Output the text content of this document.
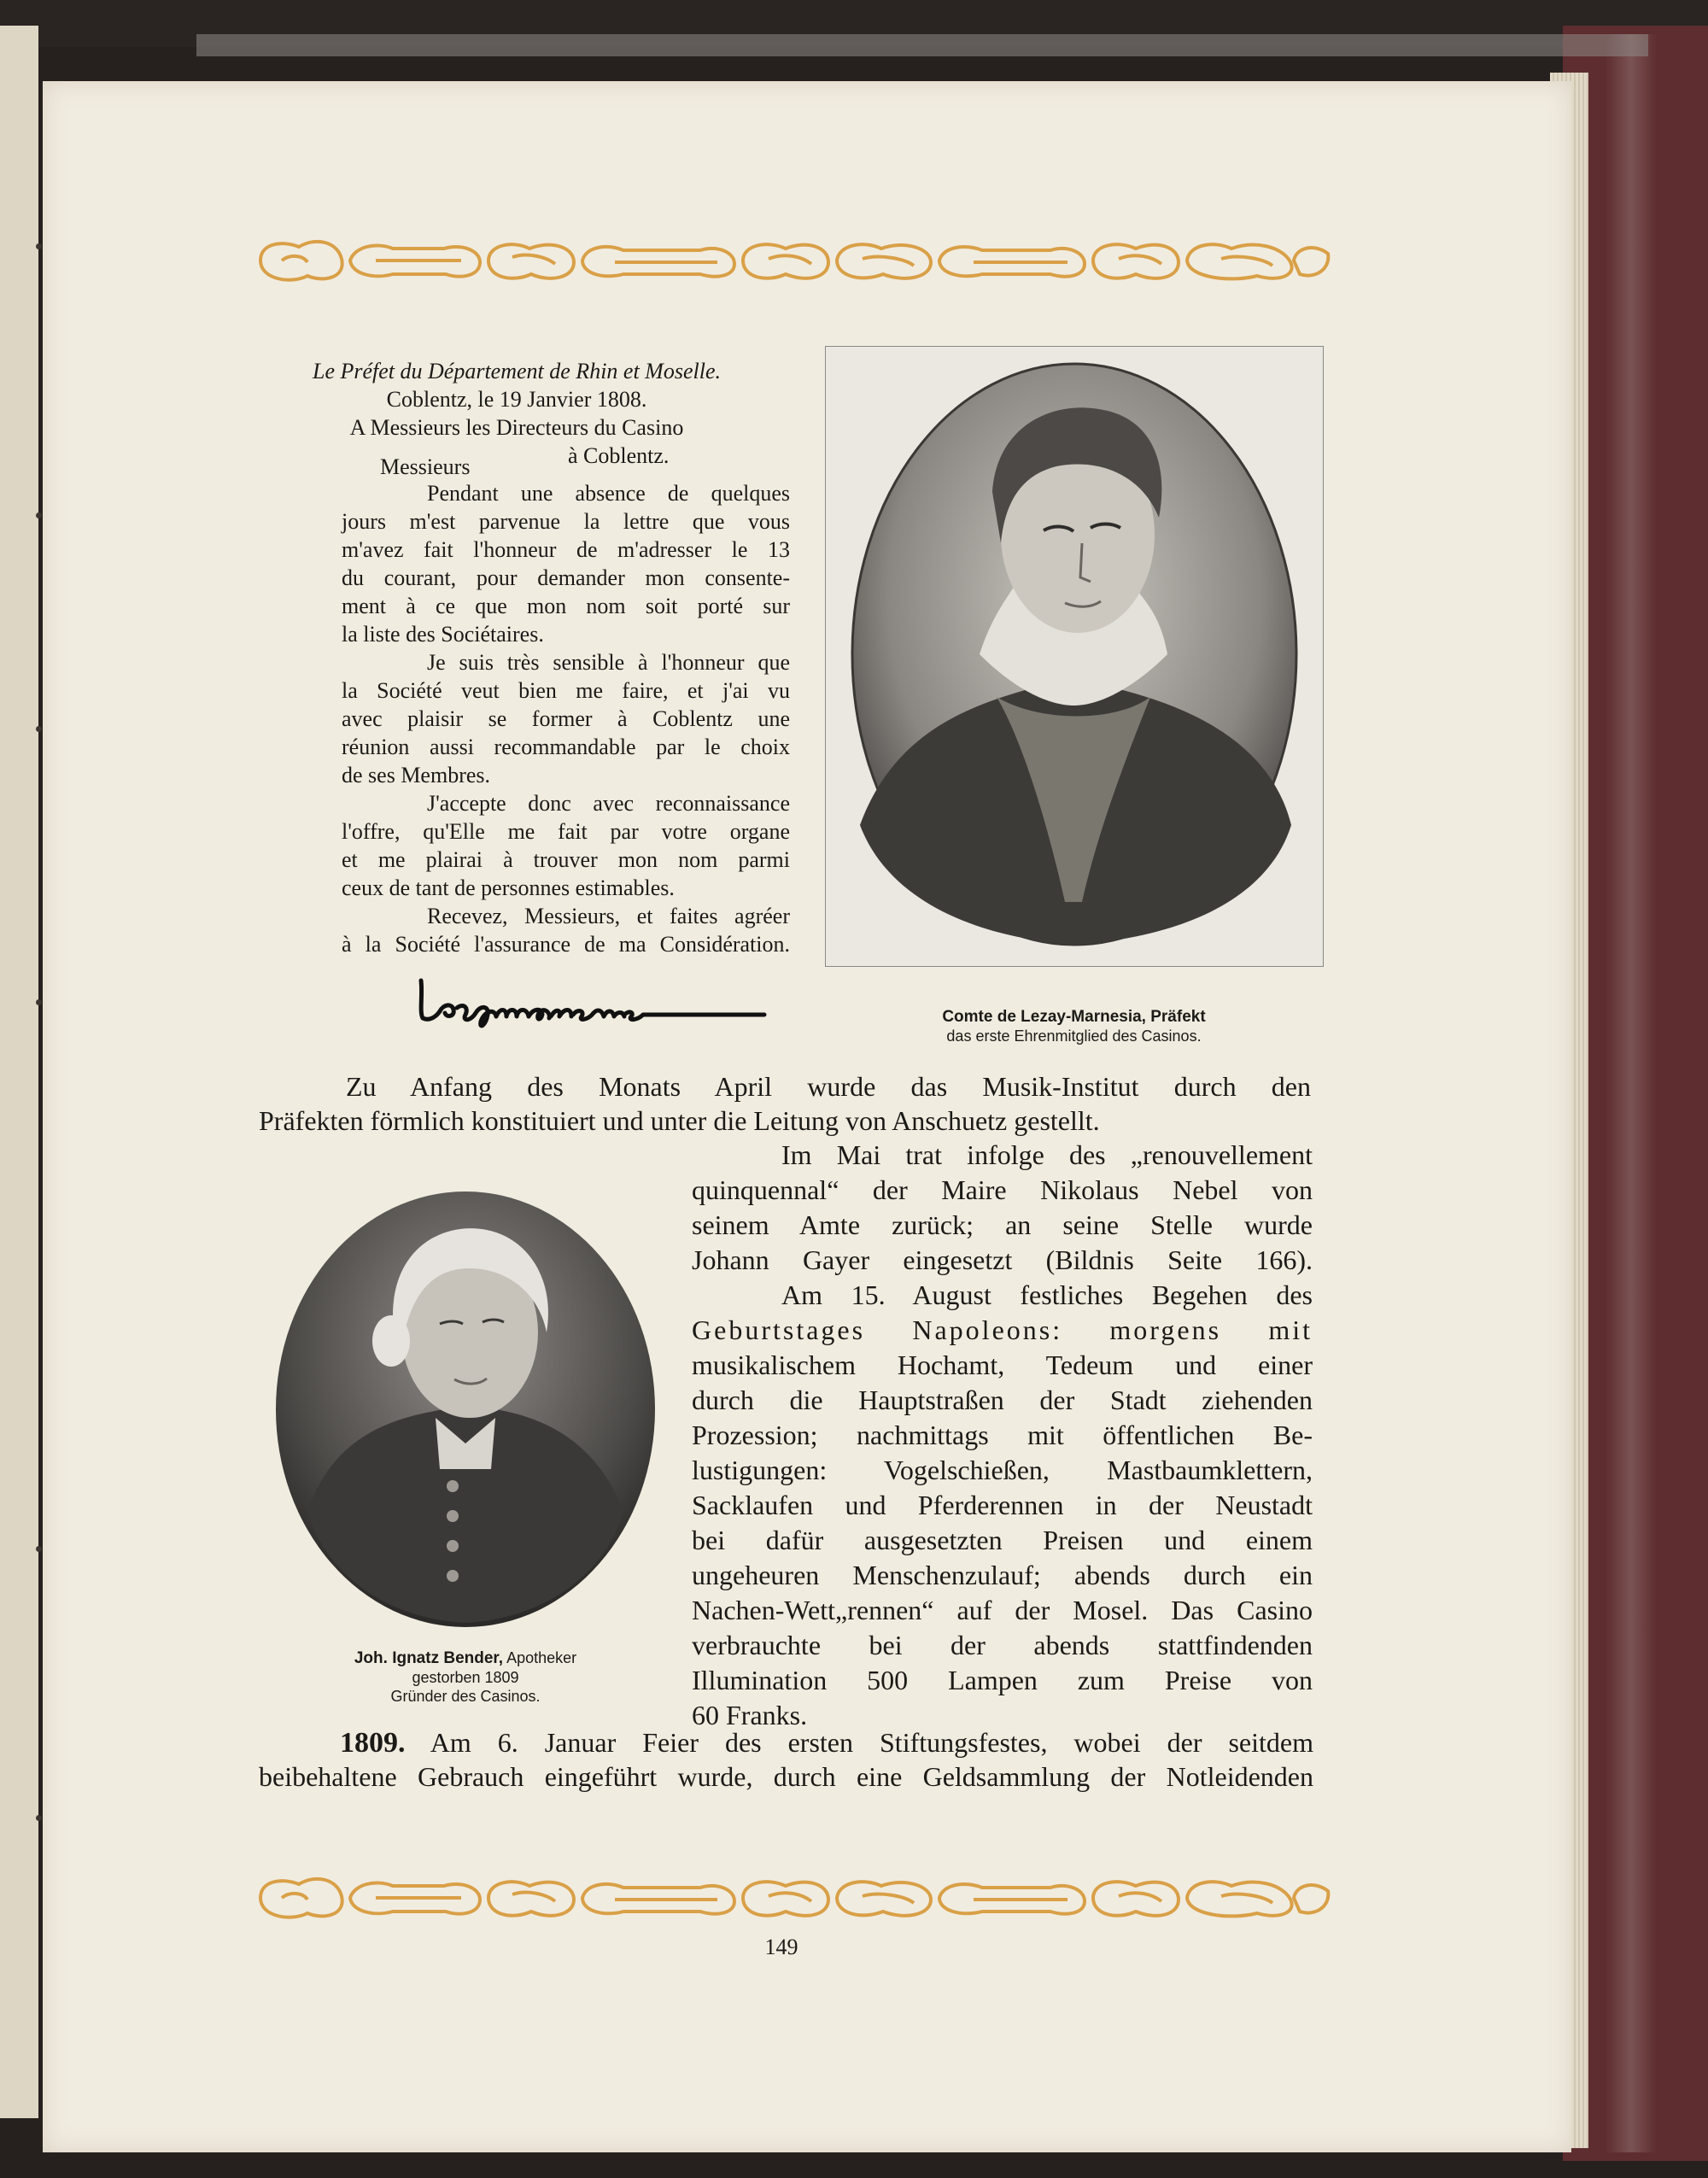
Le Préfet du Département de Rhin et Moselle.
Coblentz, le 19 Janvier 1808.
A Messieurs les Directeurs du Casino
à Coblentz.
Messieurs
Pendant une absence de quelques
jours m'est parvenue la lettre que vous
m'avez fait l'honneur de m'adresser le 13
du courant, pour demander mon consente-
ment à ce que mon nom soit porté sur
la liste des Sociétaires.
Je suis très sensible à l'honneur que
la Société veut bien me faire, et j'ai vu
avec plaisir se former à Coblentz une
réunion aussi recommandable par le choix
de ses Membres.
J'accepte donc avec reconnaissance
l'offre, qu'Elle me fait par votre organe
et me plairai à trouver mon nom parmi
ceux de tant de personnes estimables.
Recevez, Messieurs, et faites agréer
à la Société l'assurance de ma Considération.
Comte de Lezay-Marnesia, Präfekt
das erste Ehrenmitglied des Casinos.
Zu Anfang des Monats April wurde das Musik-Institut durch den
Präfekten förmlich konstituiert und unter die Leitung von Anschuetz gestellt.
Joh. Ignatz Bender, Apotheker
gestorben 1809
Gründer des Casinos.
Im Mai trat infolge des „renouvellement
quinquennal“ der Maire Nikolaus Nebel von
seinem Amte zurück; an seine Stelle wurde
Johann Gayer eingesetzt (Bildnis Seite 166).
Am 15. August festliches Begehen des
Geburtstages Napoleons: morgens mit
musikalischem Hochamt, Tedeum und einer
durch die Hauptstraßen der Stadt ziehenden
Prozession; nachmittags mit öffentlichen Be-
lustigungen: Vogelschießen, Mastbaumklettern,
Sacklaufen und Pferderennen in der Neustadt
bei dafür ausgesetzten Preisen und einem
ungeheuren Menschenzulauf; abends durch ein
Nachen-Wett„rennen“ auf der Mosel. Das Casino
verbrauchte bei der abends stattfindenden
Illumination 500 Lampen zum Preise von
60 Franks.
1809. Am 6. Januar Feier des ersten Stiftungsfestes, wobei der seitdem
beibehaltene Gebrauch eingeführt wurde, durch eine Geldsammlung der Notleidenden
149
